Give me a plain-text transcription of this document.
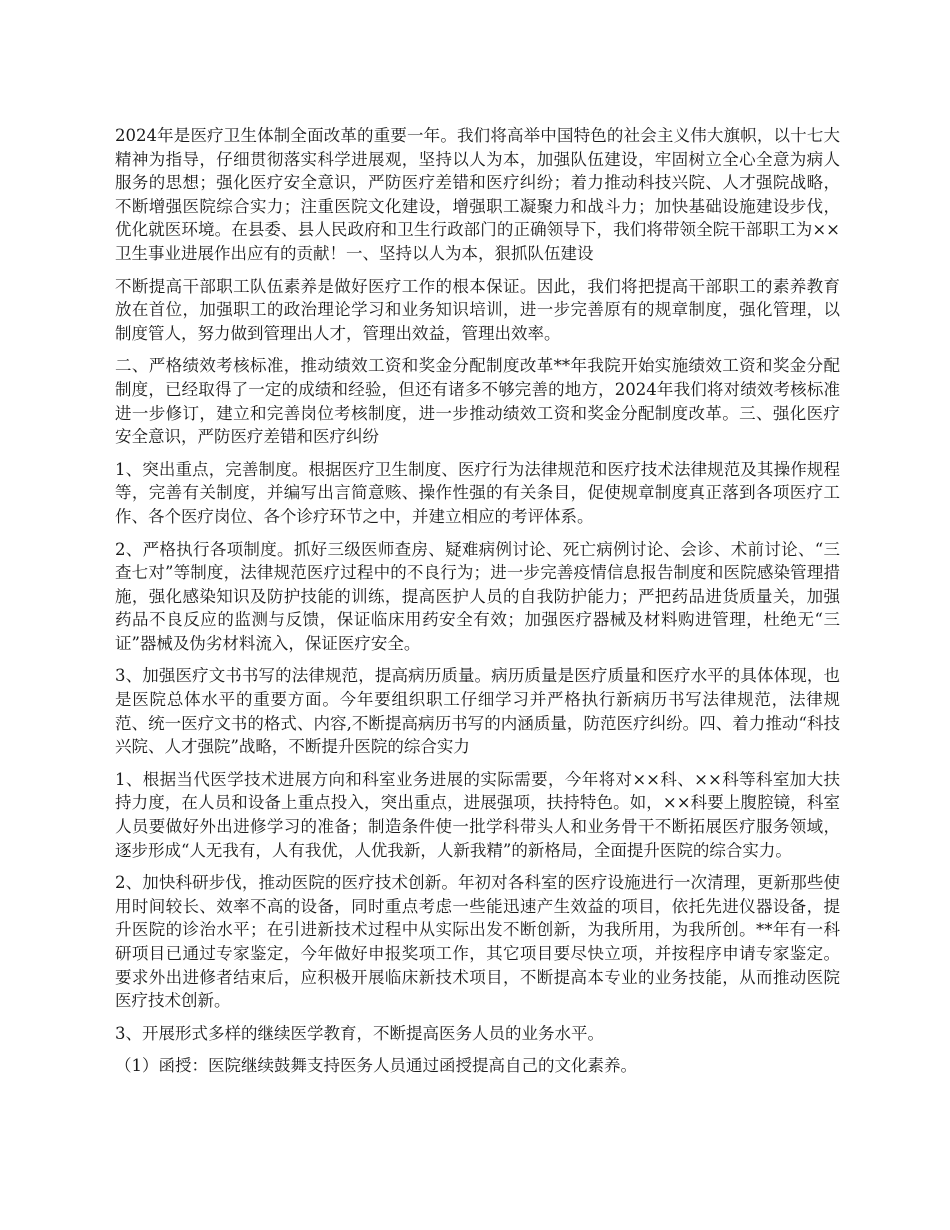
2024年是医疗卫生体制全面改革的重要一年。我们将高举中国特色的社会主义伟大旗帜，以十七大精神为指导，仔细贯彻落实科学进展观，坚持以人为本，加强队伍建设，牢固树立全心全意为病人服务的思想；强化医疗安全意识，严防医疗差错和医疗纠纷；着力推动科技兴院、人才强院战略，不断增强医院综合实力；注重医院文化建设，增强职工凝聚力和战斗力；加快基础设施建设步伐，优化就医环境。在县委、县人民政府和卫生行政部门的正确领导下，我们将带领全院干部职工为××卫生事业进展作出应有的贡献！一、坚持以人为本，狠抓队伍建设

不断提高干部职工队伍素养是做好医疗工作的根本保证。因此，我们将把提高干部职工的素养教育放在首位，加强职工的政治理论学习和业务知识培训，进一步完善原有的规章制度，强化管理，以制度管人，努力做到管理出人才，管理出效益，管理出效率。

二、严格绩效考核标准，推动绩效工资和奖金分配制度改革**年我院开始实施绩效工资和奖金分配制度，已经取得了一定的成绩和经验，但还有诸多不够完善的地方，2024年我们将对绩效考核标准进一步修订，建立和完善岗位考核制度，进一步推动绩效工资和奖金分配制度改革。三、强化医疗安全意识，严防医疗差错和医疗纠纷

1、突出重点，完善制度。根据医疗卫生制度、医疗行为法律规范和医疗技术法律规范及其操作规程等，完善有关制度，并编写出言简意赅、操作性强的有关条目，促使规章制度真正落到各项医疗工作、各个医疗岗位、各个诊疗环节之中，并建立相应的考评体系。

2、严格执行各项制度。抓好三级医师查房、疑难病例讨论、死亡病例讨论、会诊、术前讨论、“三查七对”等制度，法律规范医疗过程中的不良行为；进一步完善疫情信息报告制度和医院感染管理措施，强化感染知识及防护技能的训练，提高医护人员的自我防护能力；严把药品进货质量关，加强药品不良反应的监测与反馈，保证临床用药安全有效；加强医疗器械及材料购进管理，杜绝无“三证”器械及伪劣材料流入，保证医疗安全。

3、加强医疗文书书写的法律规范，提高病历质量。病历质量是医疗质量和医疗水平的具体体现，也是医院总体水平的重要方面。今年要组织职工仔细学习并严格执行新病历书写法律规范，法律规范、统一医疗文书的格式、内容,不断提高病历书写的内涵质量，防范医疗纠纷。四、着力推动“科技兴院、人才强院”战略，不断提升医院的综合实力

1、根据当代医学技术进展方向和科室业务进展的实际需要，今年将对××科、××科等科室加大扶持力度，在人员和设备上重点投入，突出重点，进展强项，扶持特色。如，××科要上腹腔镜，科室人员要做好外出进修学习的准备；制造条件使一批学科带头人和业务骨干不断拓展医疗服务领域，逐步形成“人无我有，人有我优，人优我新，人新我精”的新格局，全面提升医院的综合实力。

2、加快科研步伐，推动医院的医疗技术创新。年初对各科室的医疗设施进行一次清理，更新那些使用时间较长、效率不高的设备，同时重点考虑一些能迅速产生效益的项目，依托先进仪器设备，提升医院的诊治水平；在引进新技术过程中从实际出发不断创新，为我所用，为我所创。**年有一科研项目已通过专家鉴定，今年做好申报奖项工作，其它项目要尽快立项，并按程序申请专家鉴定。要求外出进修者结束后，应积极开展临床新技术项目，不断提高本专业的业务技能，从而推动医院医疗技术创新。

3、开展形式多样的继续医学教育，不断提高医务人员的业务水平。

（1）函授：医院继续鼓舞支持医务人员通过函授提高自己的文化素养。
